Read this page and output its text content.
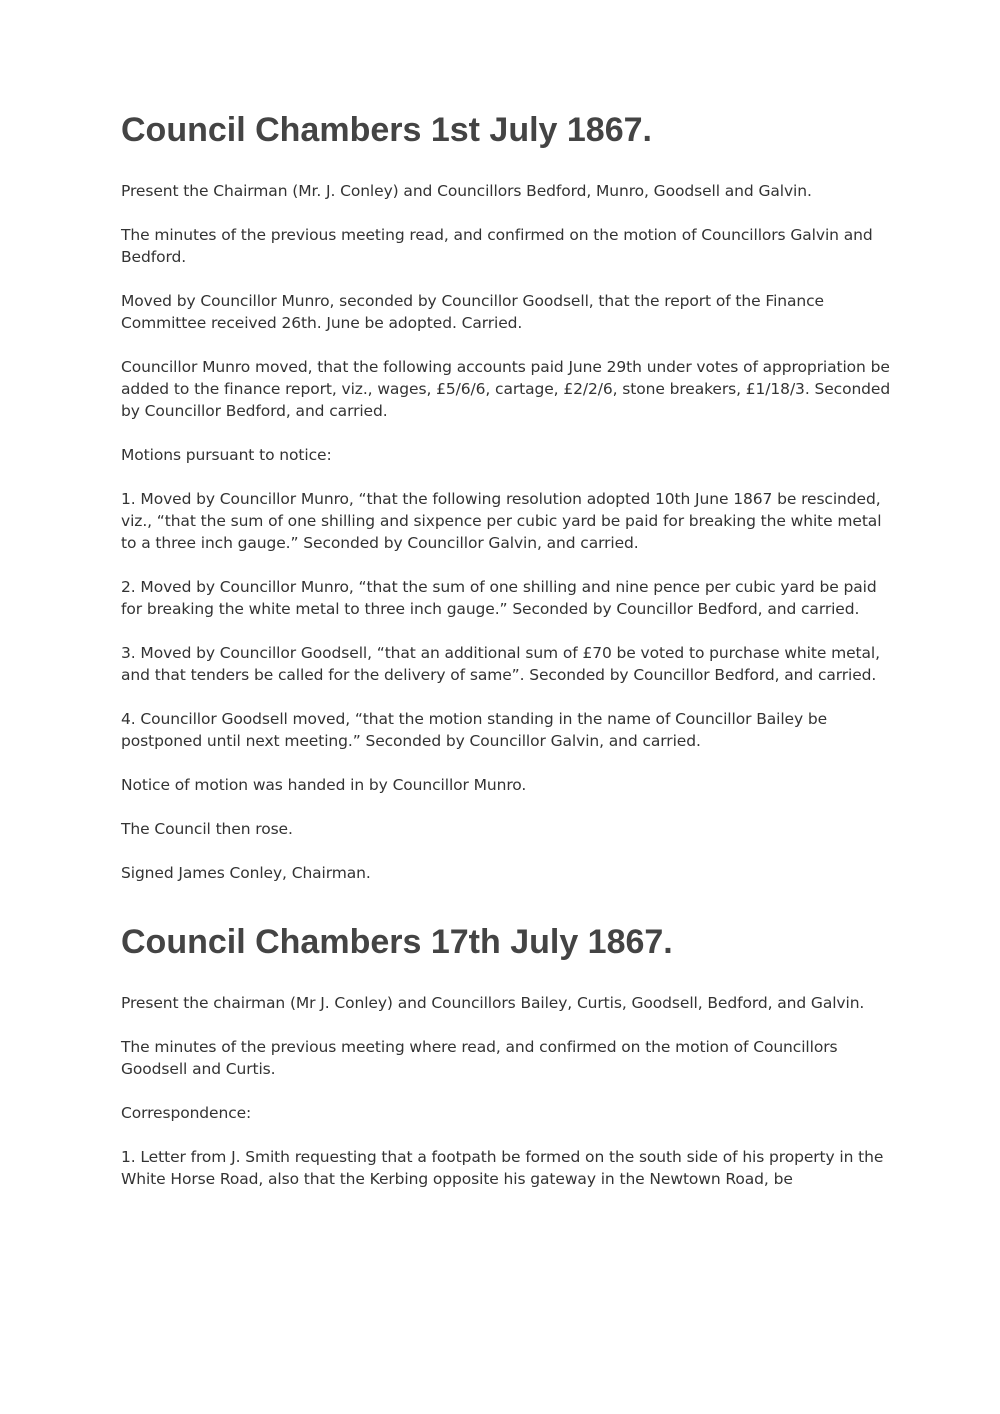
Council Chambers 1st July 1867.

Present the Chairman (Mr. J. Conley) and Councillors Bedford, Munro, Goodsell and Galvin.

The minutes of the previous meeting read, and confirmed on the motion of Councillors Galvin and Bedford.

Moved by Councillor Munro, seconded by Councillor Goodsell, that the report of the Finance Committee received 26th. June be adopted. Carried.

Councillor Munro moved, that the following accounts paid June 29th under votes of appropriation be added to the finance report, viz., wages, £5/6/6, cartage, £2/2/6, stone breakers, £1/18/3. Seconded by Councillor Bedford, and carried.

Motions pursuant to notice:

1. Moved by Councillor Munro, “that the following resolution adopted 10th June 1867 be rescinded, viz., “that the sum of one shilling and sixpence per cubic yard be paid for breaking the white metal to a three inch gauge.” Seconded by Councillor Galvin, and carried.

2. Moved by Councillor Munro, “that the sum of one shilling and nine pence per cubic yard be paid for breaking the white metal to three inch gauge.” Seconded by Councillor Bedford, and carried.

3. Moved by Councillor Goodsell, “that an additional sum of £70 be voted to purchase white metal, and that tenders be called for the delivery of same”. Seconded by Councillor Bedford, and carried.

4. Councillor Goodsell moved, “that the motion standing in the name of Councillor Bailey be postponed until next meeting.” Seconded by Councillor Galvin, and carried.

Notice of motion was handed in by Councillor Munro.

The Council then rose.

Signed James Conley, Chairman.

Council Chambers 17th July 1867.

Present the chairman (Mr J. Conley) and Councillors Bailey, Curtis, Goodsell, Bedford, and Galvin.

The minutes of the previous meeting where read, and confirmed on the motion of Councillors Goodsell and Curtis.

Correspondence:

1. Letter from J. Smith requesting that a footpath be formed on the south side of his property in the White Horse Road, also that the Kerbing opposite his gateway in the Newtown Road, be
